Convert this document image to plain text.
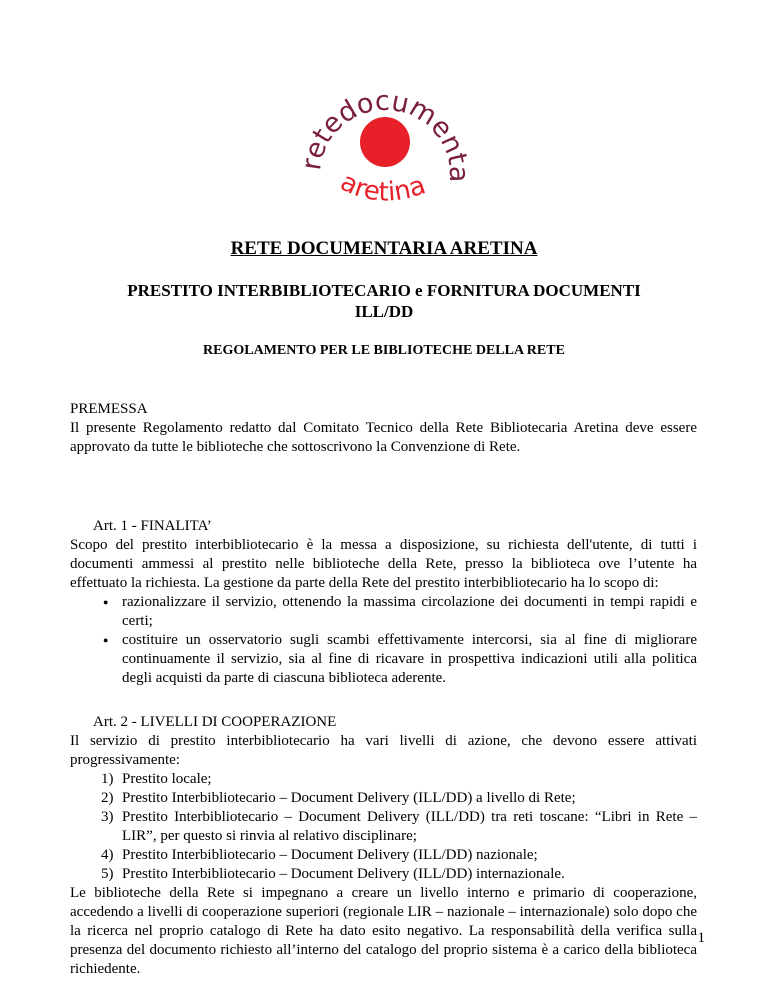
retedocumenta
aretina
RETE DOCUMENTARIA ARETINA
PRESTITO INTERBIBLIOTECARIO e FORNITURA DOCUMENTI
ILL/DD
REGOLAMENTO PER LE BIBLIOTECHE DELLA RETE

PREMESSA

Il presente Regolamento redatto dal Comitato Tecnico della Rete Bibliotecaria Aretina deve essere approvato da tutte le biblioteche che sottoscrivono la Convenzione di Rete.

Art. 1 - FINALITA’

Scopo del prestito interbibliotecario è la messa a disposizione, su richiesta dell'utente, di tutti i documenti ammessi al prestito nelle biblioteche della Rete, presso la biblioteca ove l’utente ha effettuato la richiesta. La gestione da parte della Rete del prestito interbibliotecario ha lo scopo di:

● razionalizzare il servizio, ottenendo la massima circolazione dei documenti in tempi rapidi e certi;
● costituire un osservatorio sugli scambi effettivamente intercorsi, sia al fine di migliorare continuamente il servizio, sia al fine di ricavare in prospettiva indicazioni utili alla politica degli acquisti da parte di ciascuna biblioteca aderente.

Art. 2 - LIVELLI DI COOPERAZIONE

Il servizio di prestito interbibliotecario ha vari livelli di azione, che devono essere attivati progressivamente:

1) Prestito locale;
2) Prestito Interbibliotecario – Document Delivery (ILL/DD) a livello di Rete;
3) Prestito Interbibliotecario – Document Delivery (ILL/DD) tra reti toscane: “Libri in Rete – LIR”, per questo si rinvia al relativo disciplinare;
4) Prestito Interbibliotecario – Document Delivery (ILL/DD) nazionale;
5) Prestito Interbibliotecario – Document Delivery (ILL/DD) internazionale.

Le biblioteche della Rete si impegnano a creare un livello interno e primario di cooperazione, accedendo a livelli di cooperazione superiori (regionale LIR – nazionale – internazionale) solo dopo che la ricerca nel proprio catalogo di Rete ha dato esito negativo. La responsabilità della verifica sulla presenza del documento richiesto all’interno del catalogo del proprio sistema è a carico della biblioteca richiedente.

1
